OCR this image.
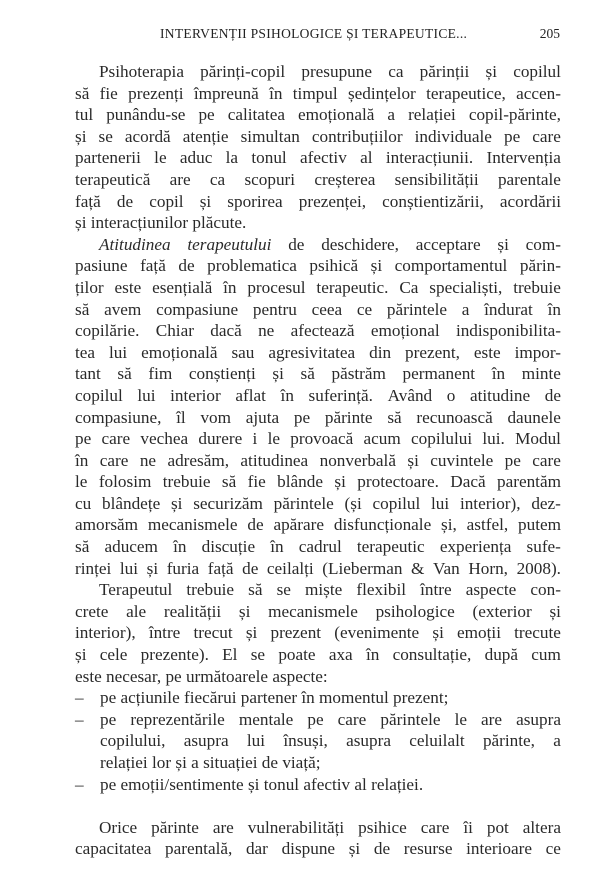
INTERVENȚII PSIHOLOGICE ȘI TERAPEUTICE...	205
Psihoterapia părinți-copil presupune ca părinții și copilul
să fie prezenți împreună în timpul ședințelor terapeutice, accen-
tul punându-se pe calitatea emoțională a relației copil-părinte,
și se acordă atenție simultan contribuțiilor individuale pe care
partenerii le aduc la tonul afectiv al interacțiunii. Intervenția
terapeutică are ca scopuri creșterea sensibilității parentale
față de copil și sporirea prezenței, conștientizării, acordării
și interacțiunilor plăcute.
Atitudinea terapeutului de deschidere, acceptare și com-
pasiune față de problematica psihică și comportamentul părin-
ților este esențială în procesul terapeutic. Ca specialiști, trebuie
să avem compasiune pentru ceea ce părintele a îndurat în
copilărie. Chiar dacă ne afectează emoțional indisponibilita-
tea lui emoțională sau agresivitatea din prezent, este impor-
tant să fim conștienți și să păstrăm permanent în minte
copilul lui interior aflat în suferință. Având o atitudine de
compasiune, îl vom ajuta pe părinte să recunoască daunele
pe care vechea durere i le provoacă acum copilului lui. Modul
în care ne adresăm, atitudinea nonverbală și cuvintele pe care
le folosim trebuie să fie blânde și protectoare. Dacă parentăm
cu blândețe și securizăm părintele (și copilul lui interior), dez-
amorsăm mecanismele de apărare disfuncționale și, astfel, putem
să aducem în discuție în cadrul terapeutic experiența sufe-
rinței lui și furia față de ceilalți (Lieberman & Van Horn, 2008).
Terapeutul trebuie să se miște flexibil între aspecte con-
crete ale realității și mecanismele psihologice (exterior și
interior), între trecut și prezent (evenimente și emoții trecute
și cele prezente). El se poate axa în consultație, după cum
este necesar, pe următoarele aspecte:
– pe acțiunile fiecărui partener în momentul prezent;
– pe reprezentările mentale pe care părintele le are asupra
copilului, asupra lui însuși, asupra celuilalt părinte, a
relației lor și a situației de viață;
– pe emoții/sentimente și tonul afectiv al relației.
Orice părinte are vulnerabilități psihice care îi pot altera
capacitatea parentală, dar dispune și de resurse interioare ce
